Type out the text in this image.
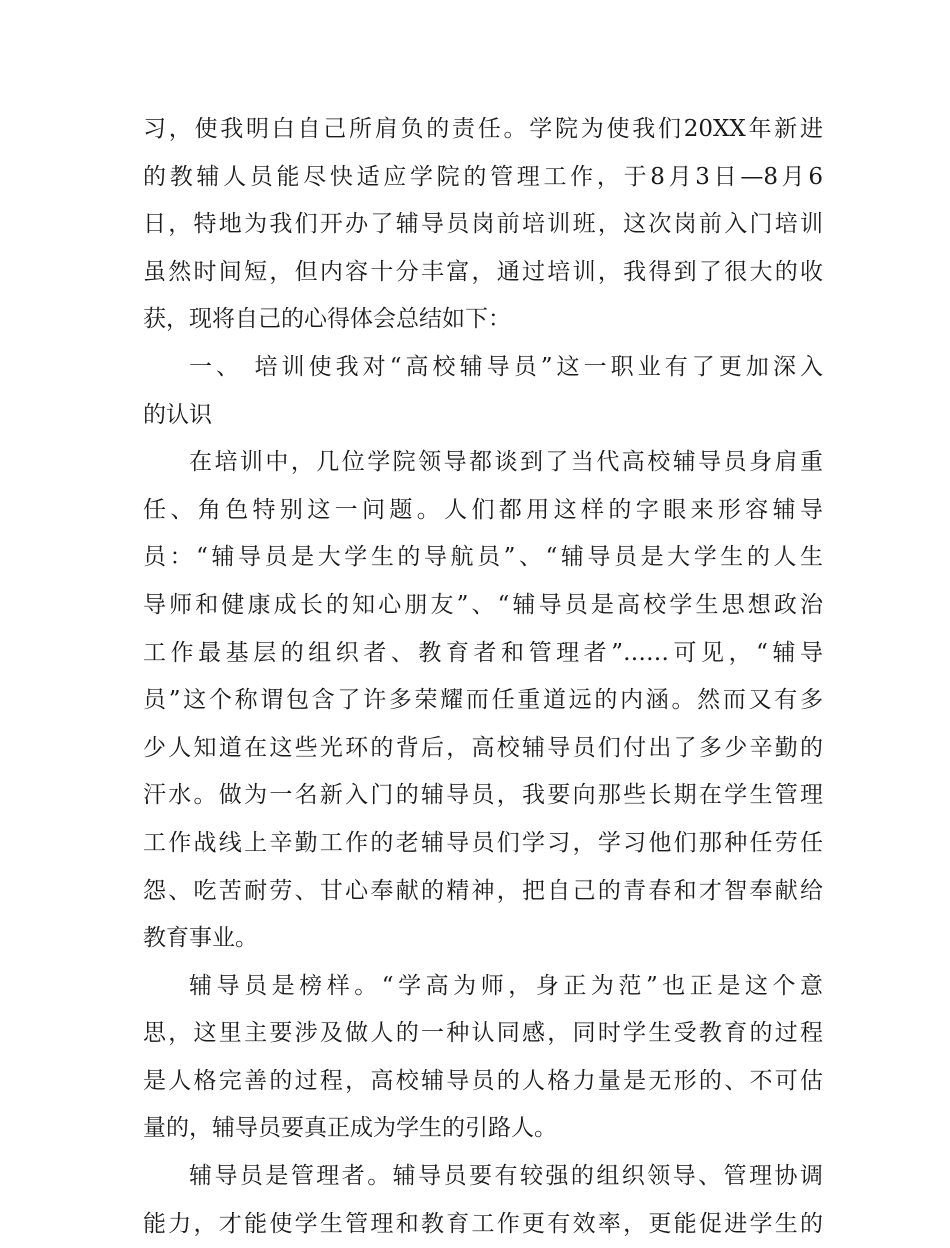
习，使我明白自己所肩负的责任。学院为使我们20XX年新进
的教辅人员能尽快适应学院的管理工作，于8月3日—8月6
日，特地为我们开办了辅导员岗前培训班，这次岗前入门培训
虽然时间短，但内容十分丰富，通过培训，我得到了很大的收
获，现将自己的心得体会总结如下：
一、 培训使我对“高校辅导员”这一职业有了更加深入
的认识
在培训中，几位学院领导都谈到了当代高校辅导员身肩重
任、角色特别这一问题。人们都用这样的字眼来形容辅导
员：“辅导员是大学生的导航员”、“辅导员是大学生的人生
导师和健康成长的知心朋友”、“辅导员是高校学生思想政治
工作最基层的组织者、教育者和管理者”……可见，“辅导
员”这个称谓包含了许多荣耀而任重道远的内涵。然而又有多
少人知道在这些光环的背后，高校辅导员们付出了多少辛勤的
汗水。做为一名新入门的辅导员，我要向那些长期在学生管理
工作战线上辛勤工作的老辅导员们学习，学习他们那种任劳任
怨、吃苦耐劳、甘心奉献的精神，把自己的青春和才智奉献给
教育事业。
辅导员是榜样。“学高为师，身正为范”也正是这个意
思，这里主要涉及做人的一种认同感，同时学生受教育的过程
是人格完善的过程，高校辅导员的人格力量是无形的、不可估
量的，辅导员要真正成为学生的引路人。
辅导员是管理者。辅导员要有较强的组织领导、管理协调
能力，才能使学生管理和教育工作更有效率，更能促进学生的
